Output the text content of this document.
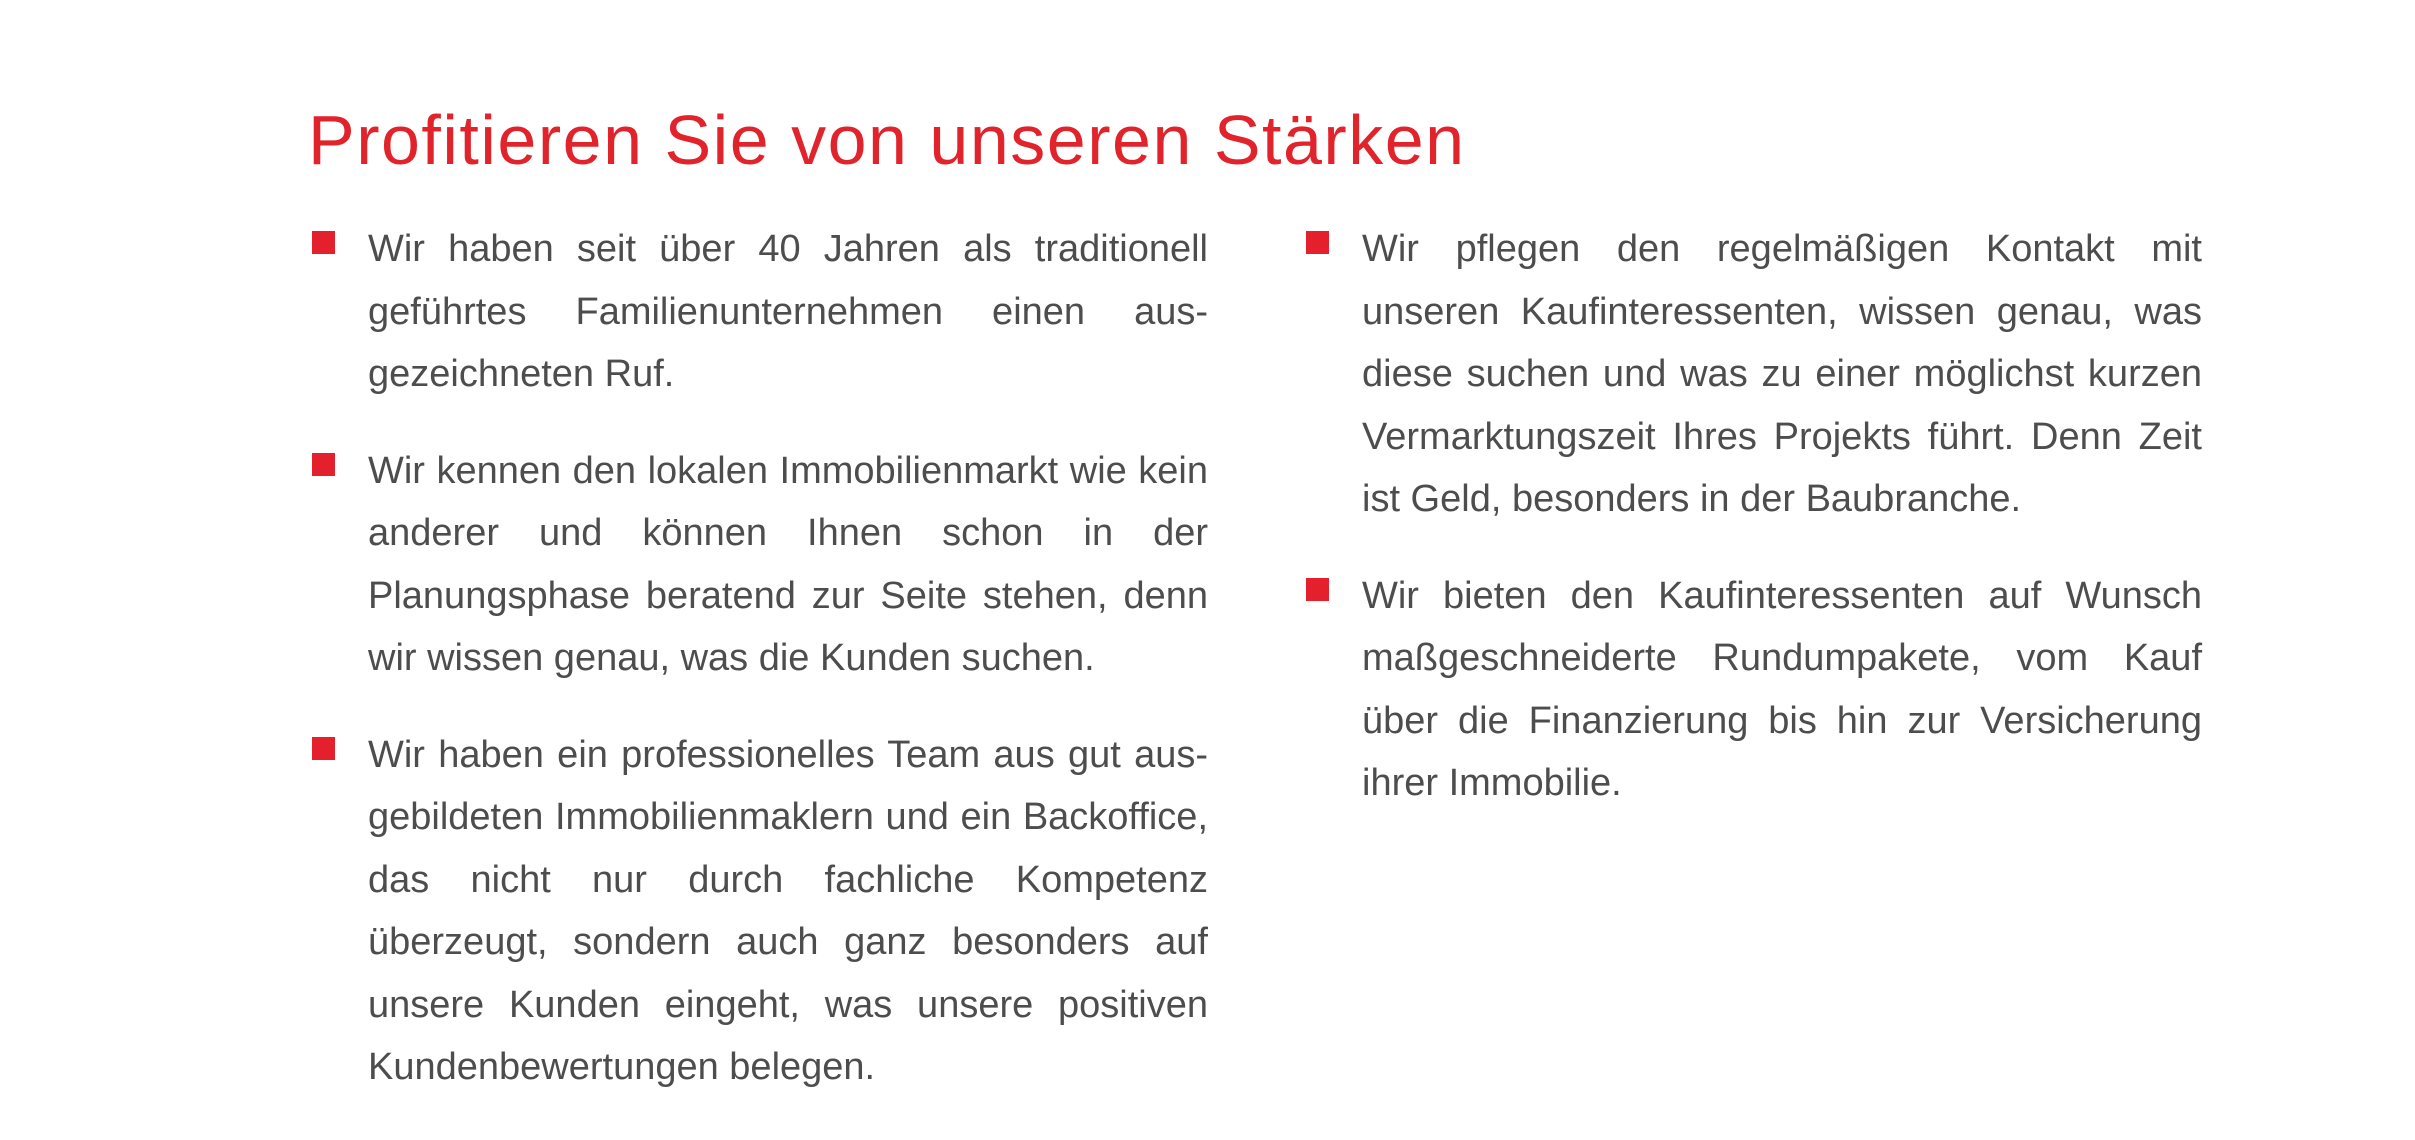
Profitieren Sie von unseren Stärken
Wir haben seit über 40 Jahren als traditionell geführtes Familienunternehmen einen ausgezeichneten Ruf.
Wir kennen den lokalen Immobilienmarkt wie kein anderer und können Ihnen schon in der Planungsphase beratend zur Seite stehen, denn wir wissen genau, was die Kunden suchen.
Wir haben ein professionelles Team aus gut ausgebildeten Immobilienmaklern und ein Backoffice, das nicht nur durch fachliche Kompetenz überzeugt, sondern auch ganz besonders auf unsere Kunden eingeht, was unsere positiven Kundenbewertungen belegen.
Wir pflegen den regelmäßigen Kontakt mit unseren Kaufinteressenten, wissen genau, was diese suchen und was zu einer möglichst kurzen Vermarktungszeit Ihres Projekts führt. Denn Zeit ist Geld, besonders in der Baubranche.
Wir bieten den Kaufinteressenten auf Wunsch maßgeschneiderte Rundumpakete, vom Kauf über die Finanzierung bis hin zur Versicherung ihrer Immobilie.
